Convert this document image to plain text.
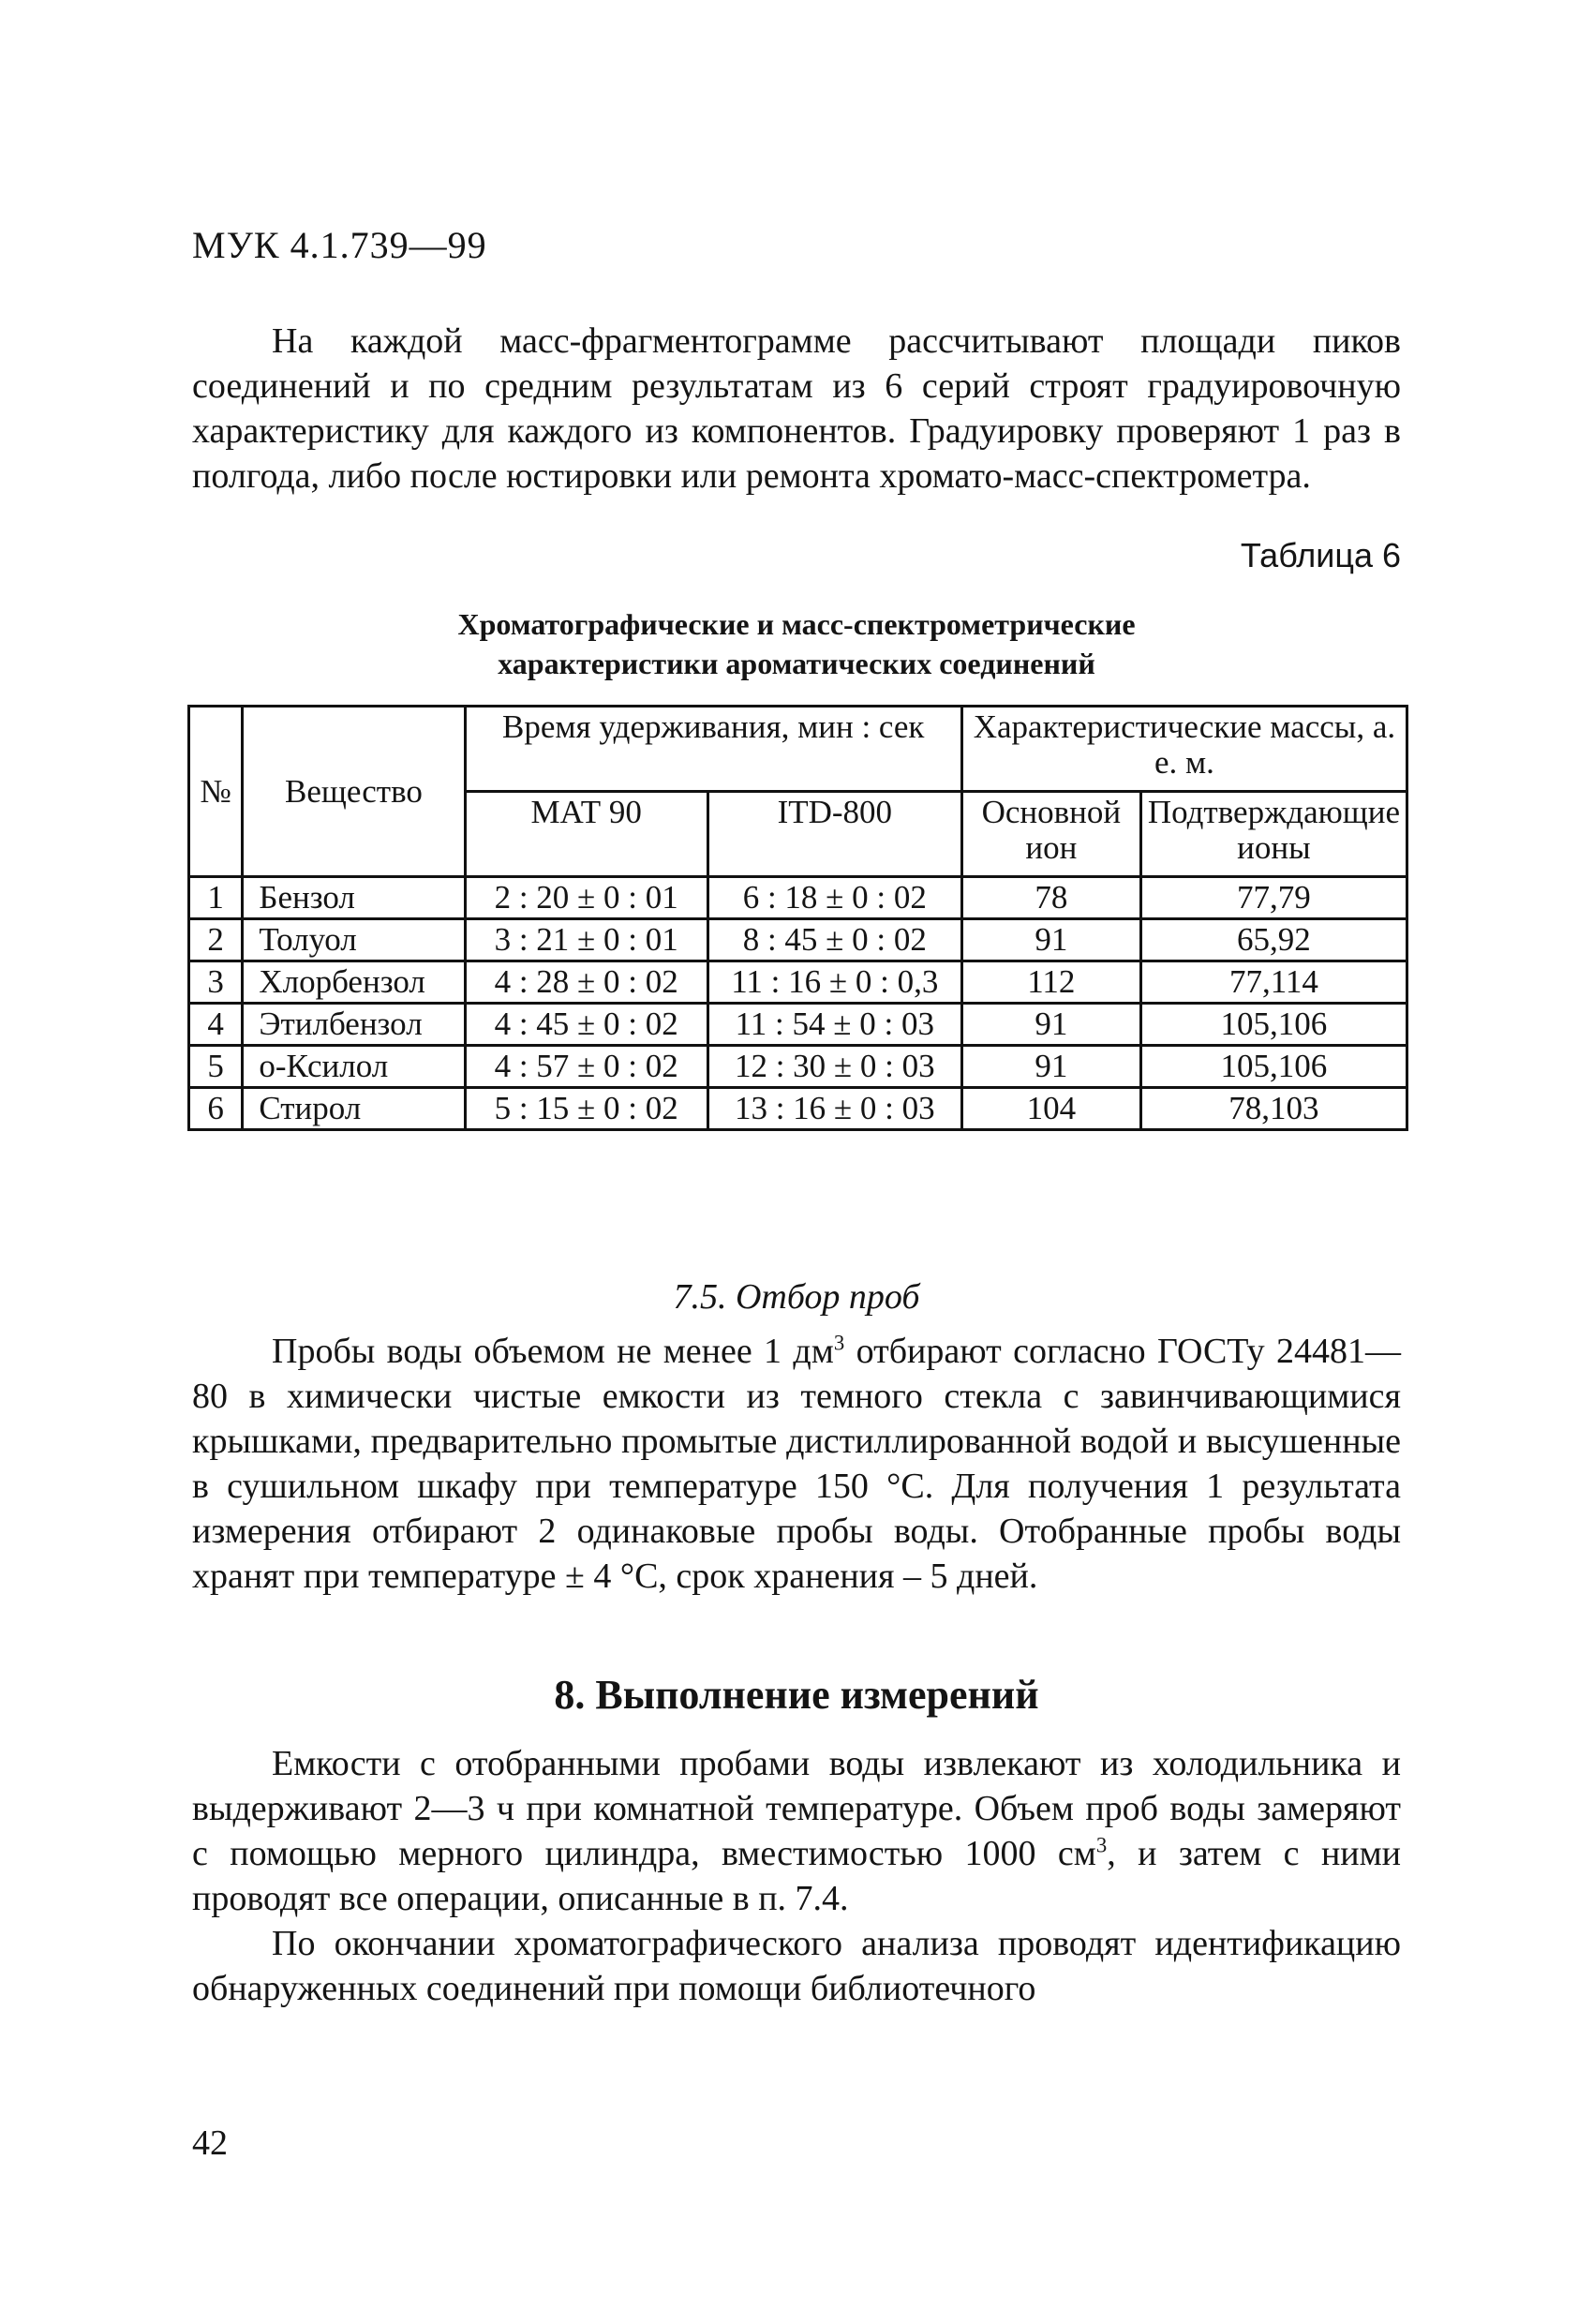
МУК 4.1.739—99

На каждой масс-фрагментограмме рассчитывают площади пиков соединений и по средним результатам из 6 серий строят градуировочную характеристику для каждого из компонентов. Градуировку проверяют 1 раз в полгода, либо после юстировки или ремонта хромато-масс-спектрометра.

Таблица 6
Хроматографические и масс-спектрометрические
характеристики ароматических соединений
№	Вещество	Время удерживания, мин : сек		Характеристические массы, а. е. м.	
		МАТ 90	ITD-800	Основной ион	Подтверждающие ионы
1	Бензол	2 : 20 ± 0 : 01	6 : 18 ± 0 : 02	78	77,79
2	Толуол	3 : 21 ± 0 : 01	8 : 45 ± 0 : 02	91	65,92
3	Хлорбензол	4 : 28 ± 0 : 02	11 : 16 ± 0 : 0,3	112	77,114
4	Этилбензол	4 : 45 ± 0 : 02	11 : 54 ± 0 : 03	91	105,106
5	о-Ксилол	4 : 57 ± 0 : 02	12 : 30 ± 0 : 03	91	105,106
6	Стирол	5 : 15 ± 0 : 02	13 : 16 ± 0 : 03	104	78,103
7.5. Отбор проб

Пробы воды объемом не менее 1 $дм^3$ отбирают согласно ГОСТу 24481—80 в химически чистые емкости из темного стекла с завинчивающимися крышками, предварительно промытые дистиллированной водой и высушенные в сушильном шкафу при температуре 150 °С. Для получения 1 результата измерения отбирают 2 одинаковые пробы воды. Отобранные пробы воды хранят при температуре ± 4 °С, срок хранения – 5 дней.

8. Выполнение измерений

Емкости с отобранными пробами воды извлекают из холодильника и выдерживают 2—3 ч при комнатной температуре. Объем проб воды замеряют с помощью мерного цилиндра, вместимостью 1000 $см^3$, и затем с ними проводят все операции, описанные в п. 7.4.

По окончании хроматографического анализа проводят идентификацию обнаруженных соединений при помощи библиотечного

42
